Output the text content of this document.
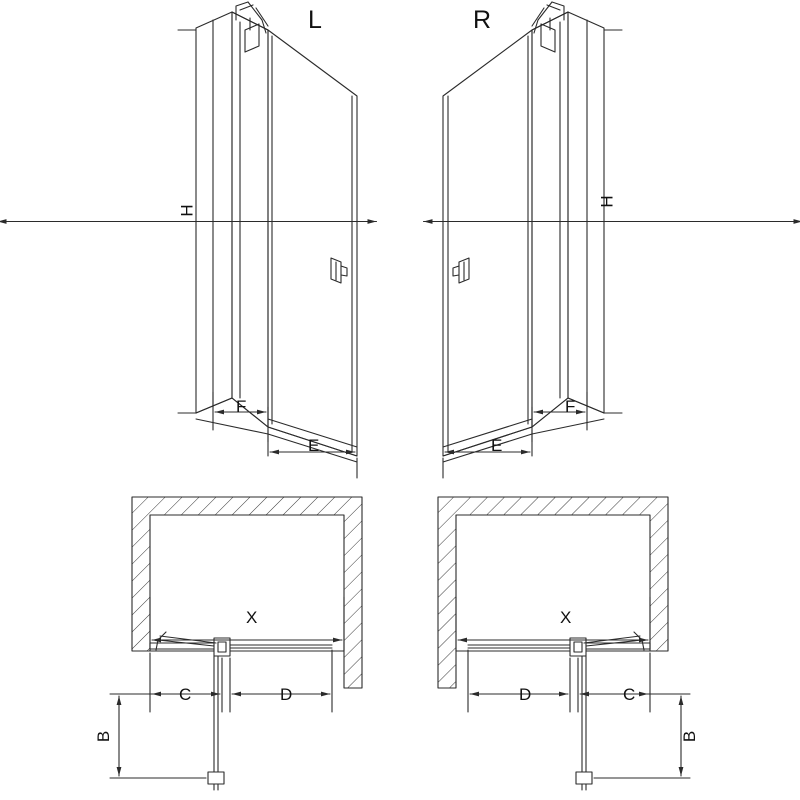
L	R
H
F
E
H
F
E
X
C	D
B
X
D	C
B
